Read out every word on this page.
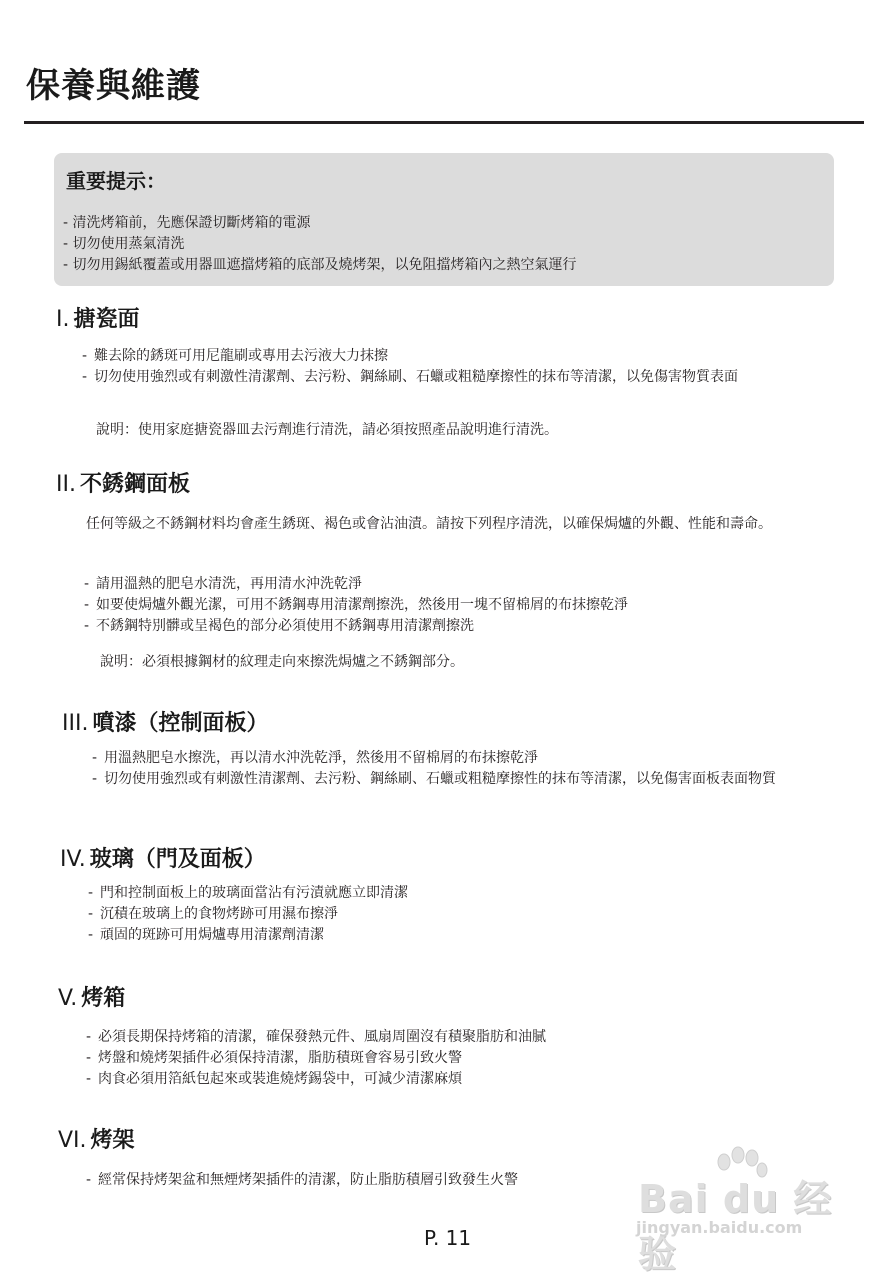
保養與維護
重要提示：
- 清洗烤箱前，先應保證切斷烤箱的電源
- 切勿使用蒸氣清洗
- 切勿用錫紙覆蓋或用器皿遮擋烤箱的底部及燒烤架，以免阻擋烤箱內之熱空氣運行
I. 搪瓷面
- 難去除的銹斑可用尼龍刷或專用去污液大力抹擦
- 切勿使用強烈或有刺激性清潔劑、去污粉、鋼絲刷、石蠟或粗糙摩擦性的抹布等清潔，以免傷害物質表面
說明：使用家庭搪瓷器皿去污劑進行清洗，請必須按照產品說明進行清洗。
II. 不銹鋼面板
任何等級之不銹鋼材料均會產生銹斑、褐色或會沾油漬。請按下列程序清洗，以確保焗爐的外觀、性能和壽命。
- 請用溫熱的肥皂水清洗，再用清水沖洗乾淨
- 如要使焗爐外觀光潔，可用不銹鋼專用清潔劑擦洗，然後用一塊不留棉屑的布抹擦乾淨
- 不銹鋼特別髒或呈褐色的部分必須使用不銹鋼專用清潔劑擦洗
說明：必須根據鋼材的紋理走向來擦洗焗爐之不銹鋼部分。
III. 噴漆（控制面板）
- 用溫熱肥皂水擦洗，再以清水沖洗乾淨，然後用不留棉屑的布抹擦乾淨
- 切勿使用強烈或有刺激性清潔劑、去污粉、鋼絲刷、石蠟或粗糙摩擦性的抹布等清潔，以免傷害面板表面物質
IV. 玻璃（門及面板）
- 門和控制面板上的玻璃面當沾有污漬就應立即清潔
- 沉積在玻璃上的食物烤跡可用濕布擦淨
- 頑固的斑跡可用焗爐專用清潔劑清潔
V. 烤箱
- 必須長期保持烤箱的清潔，確保發熱元件、風扇周圍沒有積聚脂肪和油膩
- 烤盤和燒烤架插件必須保持清潔，脂肪積斑會容易引致火警
- 肉食必須用箔紙包起來或裝進燒烤錫袋中，可減少清潔麻煩
VI. 烤架
- 經常保持烤架盆和無煙烤架插件的清潔，防止脂肪積層引致發生火警	Bai du 经验
jingyan.baidu.com
P. 11
